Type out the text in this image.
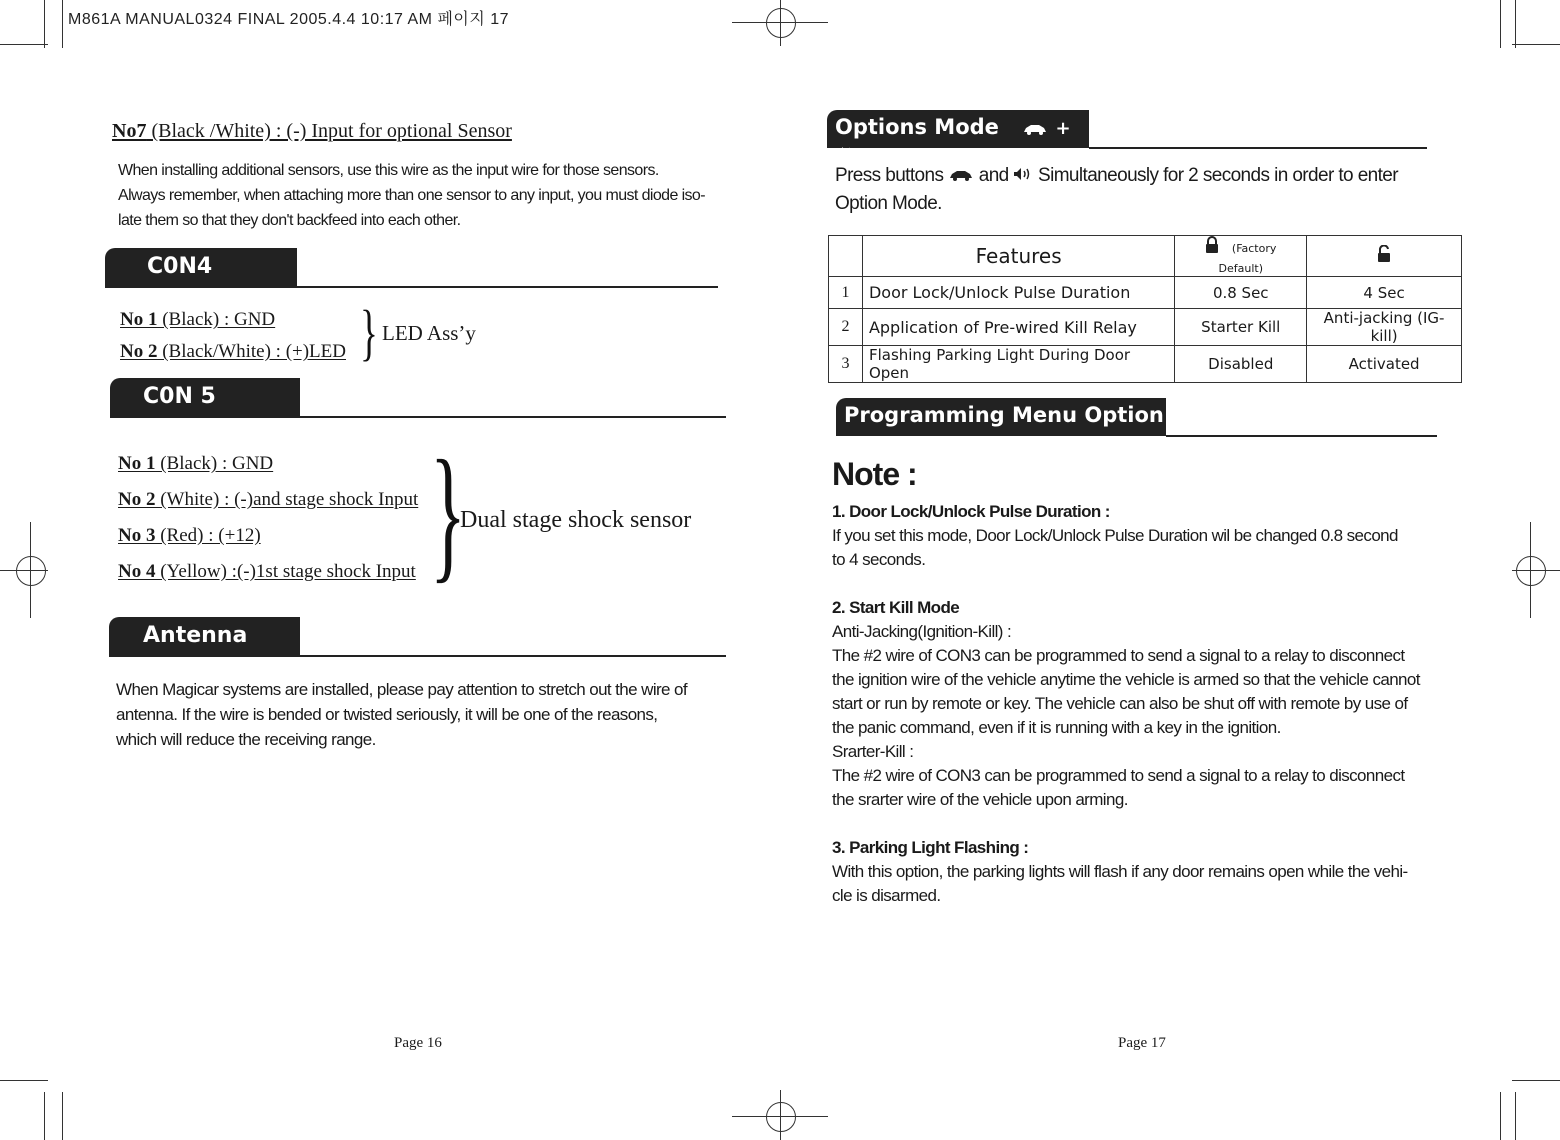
M861A MANUAL0324 FINAL 2005.4.4 10:17 AM 페이지 17
No7 (Black /White) : (-) Input for optional Sensor

When installing additional sensors, use this wire as the input wire for those sensors.

Always remember, when attaching more than one sensor to any input, you must diode iso-

late them so that they don't backfeed into each other.

C0N4
No 1 (Black) : GND
No 2 (Black/White) : (+)LED } LED Ass’y
C0N 5
No 1 (Black) : GND
No 2 (White) : (-)and stage shock Input
No 3 (Red) : (+12)
No 4 (Yellow) :(-)1st stage shock Input }
Dual stage shock sensor
Antenna

When Magicar systems are installed, please pay attention to stretch out the wire of

antenna. If the wire is bended or twisted seriously, it will be one of the reasons,

which will reduce the receiving range.

Page 16
Options Mode	+
Press buttons  and  Simultaneously for 2 seconds in order to enter
Option Mode.
	Features	(Factory Default)	
1	Door Lock/Unlock Pulse Duration	0.8 Sec	4 Sec
2	Application of Pre-wired Kill Relay	Starter Kill	Anti-jacking (IG-kill)
3	Flashing Parking Light During Door Open	Disabled	Activated
Programming Menu Option
Note :
1. Door Lock/Unlock Pulse Duration :
If you set this mode, Door Lock/Unlock Pulse Duration wil be changed 0.8 second
to 4 seconds.
2. Start Kill Mode
Anti-Jacking(Ignition-Kill) :
The #2 wire of CON3 can be programmed to send a signal to a relay to disconnect
the ignition wire of the vehicle anytime the vehicle is armed so that the vehicle cannot
start or run by remote or key. The vehicle can also be shut off with remote by use of
the panic command, even if it is running with a key in the ignition.
Srarter-Kill :
The #2 wire of CON3 can be programmed to send a signal to a relay to disconnect
the srarter wire of the vehicle upon arming.
3. Parking Light Flashing :
With this option, the parking lights will flash if any door remains open while the vehi-
cle is disarmed.
Page 17
